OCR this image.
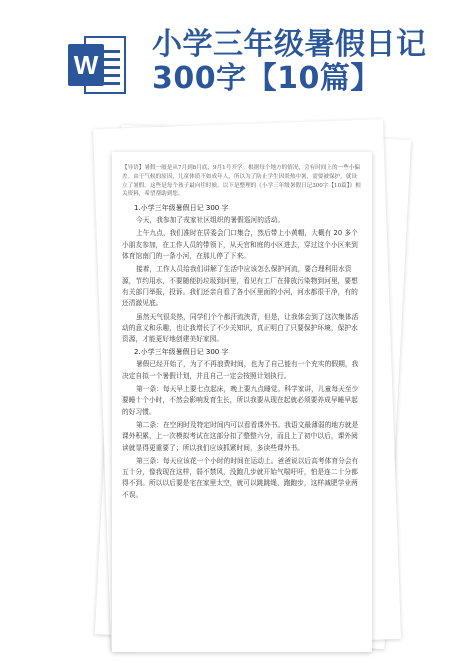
W
小学三年级暑假日记300字【10篇】

【导语】暑假一般是从7月到8月底，9月1号开学。根据每个地方的情况，会有时间上的一些小偏差。由于气候的原因，儿童体质不如成年人，所以为了防止学生因炎热中暑，需要被保护，就设立了暑假。这些是每个孩子最向往时候。以下是整理的《小学三年级暑假日记300字【10篇】》相关资料，希望帮助到您。

1.小学三年级暑假日记 300 字

今天，我参加了戎家社区组织的暑假巡河的活动。

上午九点，我们准时在居委会门口集合，然后带上小黄帽，大概有 20 多个小朋友参加，在工作人员的带领下，从天官和庭的小区进去，穿过这个小区来到体育馆南门的一条小河，在那儿停了下来。

接着，工作人员给我们讲解了生活中应该怎么保护河流，要合理利用水资源，节约用水，不要随便扔垃圾到河里，看见有工厂在排放污染物到河里，要想有关部门举报，投诉。我们还亲自看了各小区里面的小河，河水都很干净，有的还清澈见底。

虽然天气很炎热，同学们个个都汗流浃背，但是，让我体会到了这次集体活动的意义和乐趣，也让我增长了不少关知识，真正明白了只要保护环境，保护水资源，才能更好地创建美好家园。

2.小学三年级暑假日记 300 字

暑假已经开始了，为了不再浪费时间，也为了自己能有一个充实的假期，我决定自拟一个暑假计划，并且自己一定会按照计划执行。

第一条：每天早上要七点起床，晚上要九点睡觉。科学家讲，儿童每天至少要睡十个小时，不然会影响发育生长，所以我要从现在起就必须要养成早睡早起的好习惯。

第二条：在空闲时及特定时间内可以看看课外书。我语文最薄弱的地方就是课外积累，上一次模拟考试在这部分扣了整整六分，而且上了初中以后，课外阅读就显得更重要了；所以我们应该抓紧时间，多读些课外书。

第三条：每天应该花一个小时的时间在运动上。爸爸说以后高考体育分会有五十分，像我现在这样，弱不禁风，没跑几步就开始气喘吁吁，怕是连二十分都得不到。所以以后要是宅在家里太空，就可以跳跳绳，跑跑步，这样减肥学业两不误。
